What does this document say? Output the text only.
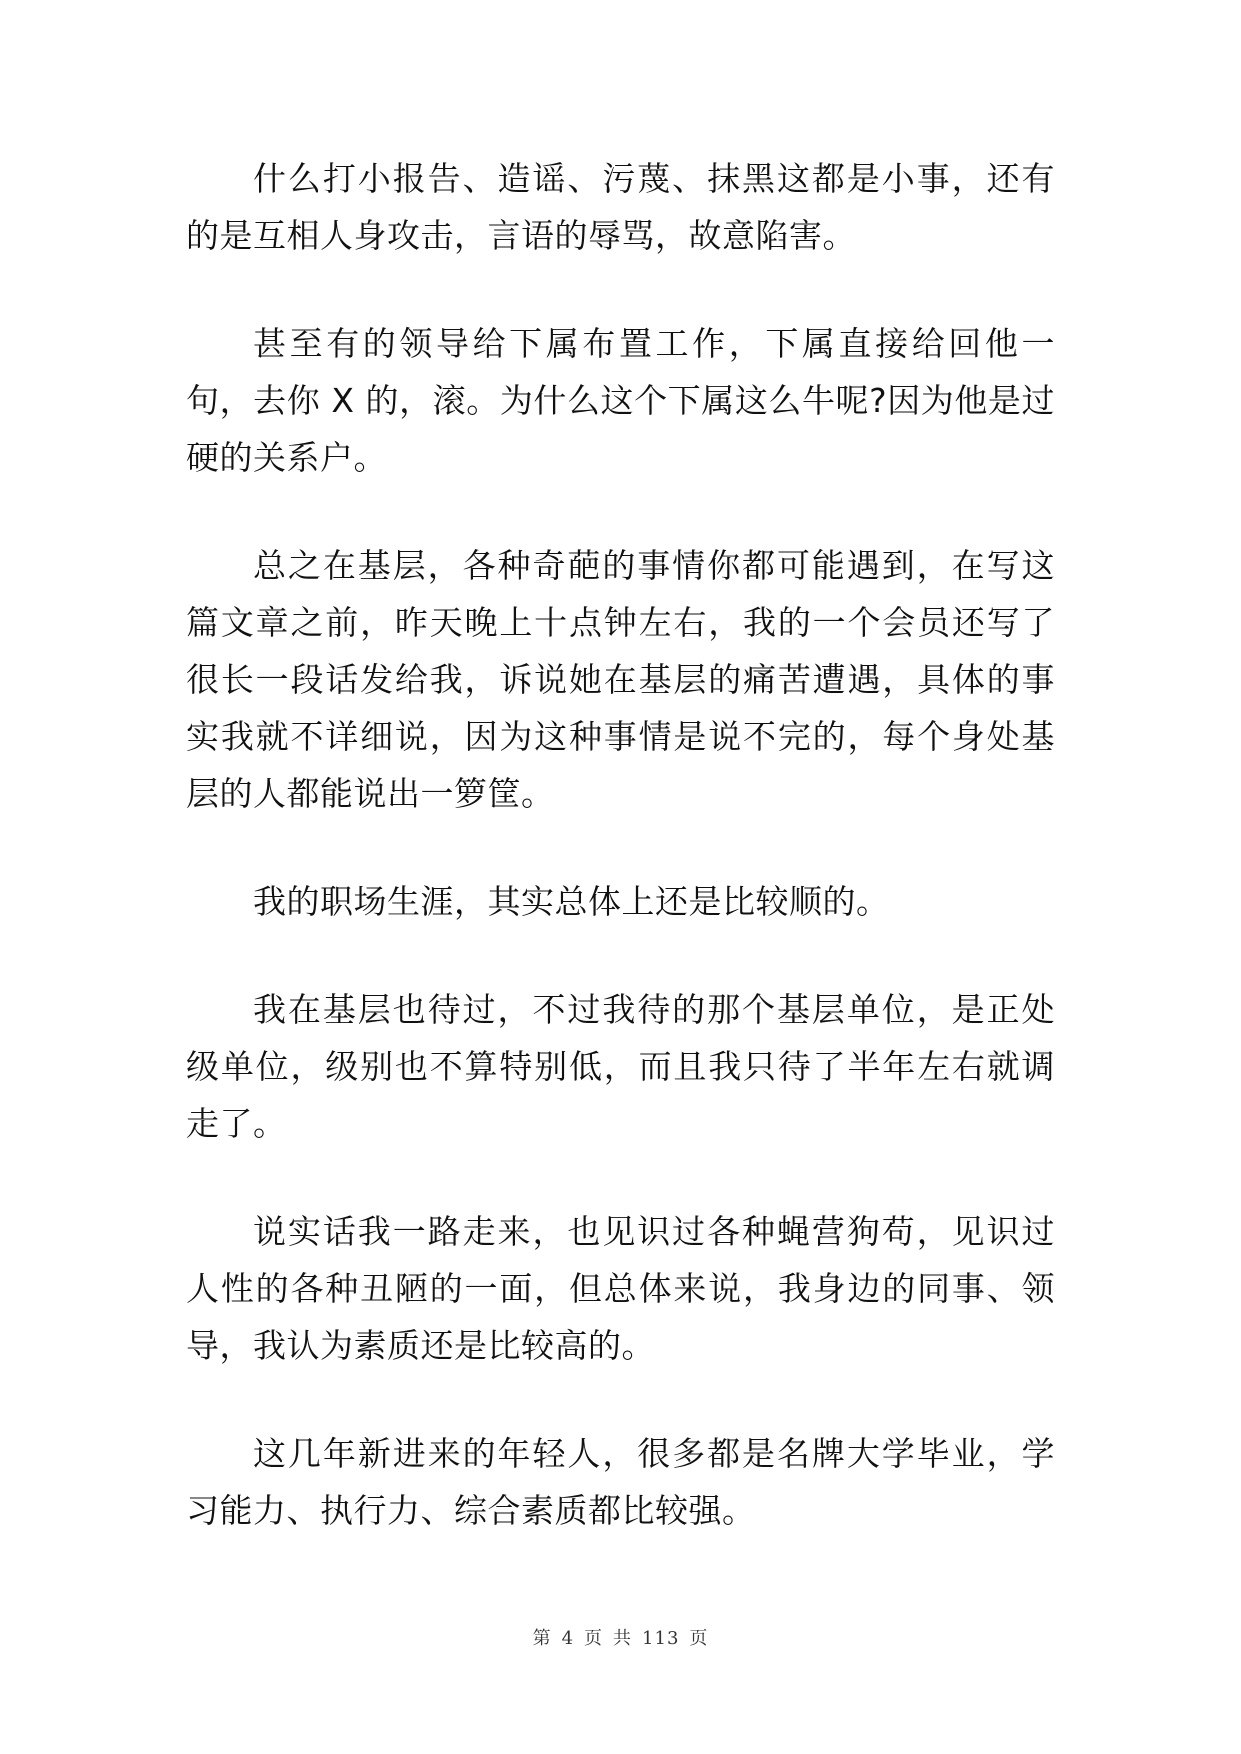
什么打小报告、造谣、污蔑、抹黑这都是小事，还有的是互相人身攻击，言语的辱骂，故意陷害。

甚至有的领导给下属布置工作，下属直接给回他一句，去你 X 的，滚。为什么这个下属这么牛呢?因为他是过硬的关系户。

总之在基层，各种奇葩的事情你都可能遇到，在写这篇文章之前，昨天晚上十点钟左右，我的一个会员还写了很长一段话发给我，诉说她在基层的痛苦遭遇，具体的事实我就不详细说，因为这种事情是说不完的，每个身处基层的人都能说出一箩筐。

我的职场生涯，其实总体上还是比较顺的。

我在基层也待过，不过我待的那个基层单位，是正处级单位，级别也不算特别低，而且我只待了半年左右就调走了。

说实话我一路走来，也见识过各种蝇营狗苟，见识过人性的各种丑陋的一面，但总体来说，我身边的同事、领导，我认为素质还是比较高的。

这几年新进来的年轻人，很多都是名牌大学毕业，学习能力、执行力、综合素质都比较强。

第 4 页 共 113 页
